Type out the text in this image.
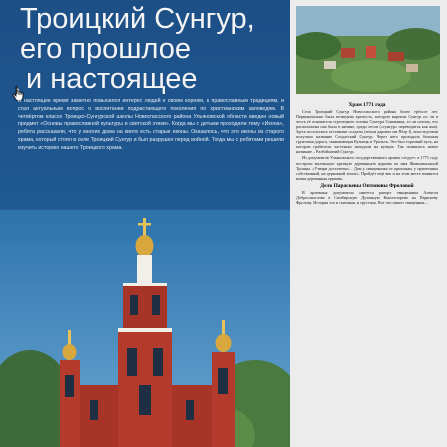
Троицкий Сунгур,
его прошлое
и настоящее
В настоящее время заметно повысился интерес людей к своим корням, к православным традициям, и стал актуальным вопрос о воспитании подрастающего поколения по христианским заповедям. В четвёртом классе Троицко-Сунгурской школы Новоспасского района Ульяновской области введен новый предмет «Основы православной культуры и светской этики». Когда мы с детьми проходили тему «Икона», ребята рассказали, что у многих дома на киоте есть старые иконы. Оказалось, что это иконы из старого храма, который стоял в селе Троицкий Сунгур и был разрушен перед войной. Тогда мы с ребятами решили изучить историю нашего Троицкого храма.
Храм 1771 года

Село Троицкий Сунгур Новоспасского района более трёхсот лет. Первоначально была возведена крепость, которую нарекли Сунгур по ли в честь её основателя стрелецкого головы Сунгура Сокованна, то ли потому, что расположена она была в низине, среди лесов («сунгур» переводится как яма). Здесь поселились отставные солдаты (земли даровал им Пётр I), впоследствии получило название Солдатский Сунгур. Через него проходила большая грунтовая дорога, связывающая Кузнецк и Уральск. Это был торговый путь, на котором грабители частенько нападали на купцов. Так появилось новое название – Разбойничий Сунгур.

Из документов Ульяновского государственного архива следует: в 1771 году построен маленькую крепкую деревянную церковь во имя Живоначальной Троицы. «Утвари достаточно… Дом у священника от прихожан, у причетника собственный, на церковной земле». Пройдёт ещё век и на этом месте появится новая деревянная церковь.

Дело Параскевы Онтоновы Фроловой

В архивных документах имеется рапорт священника Алексея Добросмыслова в Симбирскую Духовную Консисторию на Параскеву Фролову. История эта и смешная, и грустная. Вот что пишет священник…
